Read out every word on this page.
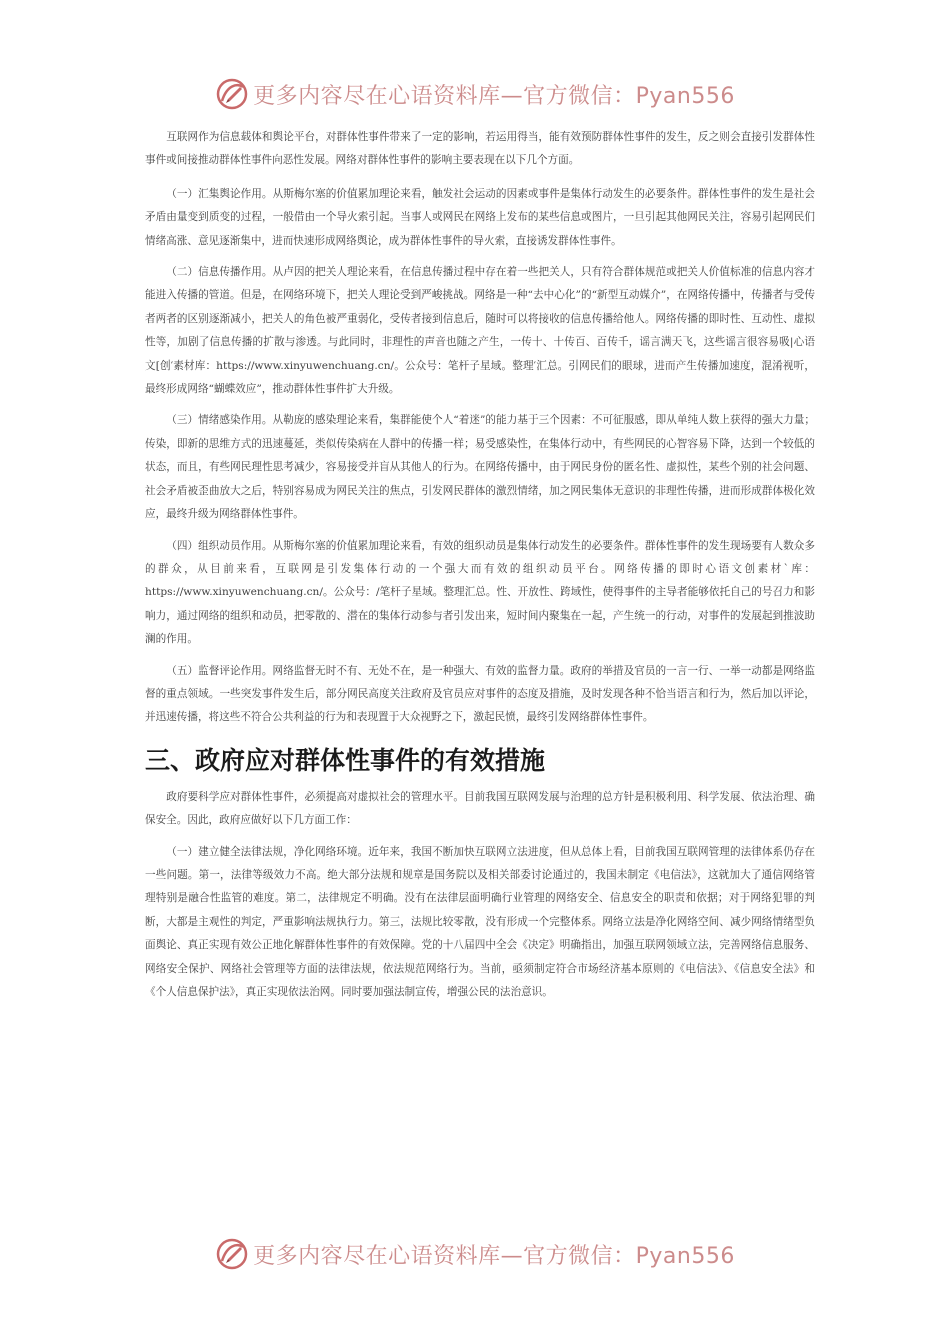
更多内容尽在心语资料库—官方微信：Pyan556

互联网作为信息载体和舆论平台，对群体性事件带来了一定的影响，若运用得当，能有效预防群体性事件的发生，反之则会直接引发群体性事件或间接推动群体性事件向恶性发展。网络对群体性事件的影响主要表现在以下几个方面。

（一）汇集舆论作用。从斯梅尔塞的价值累加理论来看，触发社会运动的因素或事件是集体行动发生的必要条件。群体性事件的发生是社会矛盾由量变到质变的过程，一般借由一个导火索引起。当事人或网民在网络上发布的某些信息或图片，一旦引起其他网民关注，容易引起网民们情绪高涨、意见逐渐集中，进而快速形成网络舆论，成为群体性事件的导火索，直接诱发群体性事件。

（二）信息传播作用。从卢因的把关人理论来看，在信息传播过程中存在着一些把关人，只有符合群体规范或把关人价值标准的信息内容才能进入传播的管道。但是，在网络环境下，把关人理论受到严峻挑战。网络是一种“去中心化”的“新型互动媒介”，在网络传播中，传播者与受传者两者的区别逐渐减小，把关人的角色被严重弱化，受传者接到信息后，随时可以将接收的信息传播给他人。网络传播的即时性、互动性、虚拟性等，加剧了信息传播的扩散与渗透。与此同时，非理性的声音也随之产生，一传十、十传百、百传千，谣言满天飞，这些谣言很容易吸|心语文[创′素材库：https://www.xinyuwenchuang.cn/。公众号：笔杆子星域。整理′汇总。引网民们的眼球，进而产生传播加速度，混淆视听，最终形成网络“蝴蝶效应”，推动群体性事件扩大升级。

（三）情绪感染作用。从勒庞的感染理论来看，集群能使个人“着迷”的能力基于三个因素：不可征服感，即从单纯人数上获得的强大力量；传染，即新的思维方式的迅速蔓延，类似传染病在人群中的传播一样；易受感染性，在集体行动中，有些网民的心智容易下降，达到一个较低的状态，而且，有些网民理性思考减少，容易接受并盲从其他人的行为。在网络传播中，由于网民身份的匿名性、虚拟性，某些个别的社会问题、社会矛盾被歪曲放大之后，特别容易成为网民关注的焦点，引发网民群体的激烈情绪，加之网民集体无意识的非理性传播，进而形成群体极化效应，最终升级为网络群体性事件。

（四）组织动员作用。从斯梅尔塞的价值累加理论来看，有效的组织动员是集体行动发生的必要条件。群体性事件的发生现场要有人数众多的群众，从目前来看，互联网是引发集体行动的一个强大而有效的组织动员平台。网络传播的即时心语文创素材`库：https://www.xinyuwenchuang.cn/。公众号：/笔杆子星域。整理汇总。性、开放性、跨域性，使得事件的主导者能够依托自己的号召力和影响力，通过网络的组织和动员，把零散的、潜在的集体行动参与者引发出来，短时间内聚集在一起，产生统一的行动，对事件的发展起到推波助澜的作用。

（五）监督评论作用。网络监督无时不有、无处不在，是一种强大、有效的监督力量。政府的举措及官员的一言一行、一举一动都是网络监督的重点领域。一些突发事件发生后，部分网民高度关注政府及官员应对事件的态度及措施，及时发现各种不恰当语言和行为，然后加以评论，并迅速传播，将这些不符合公共利益的行为和表现置于大众视野之下，激起民愤，最终引发网络群体性事件。

三、政府应对群体性事件的有效措施

政府要科学应对群体性事件，必须提高对虚拟社会的管理水平。目前我国互联网发展与治理的总方针是积极利用、科学发展、依法治理、确保安全。因此，政府应做好以下几方面工作：

（一）建立健全法律法规，净化网络环境。近年来，我国不断加快互联网立法进度，但从总体上看，目前我国互联网管理的法律体系仍存在一些问题。第一，法律等级效力不高。绝大部分法规和规章是国务院以及相关部委讨论通过的，我国未制定《电信法》，这就加大了通信网络管理特别是融合性监管的难度。第二，法律规定不明确。没有在法律层面明确行业管理的网络安全、信息安全的职责和依据；对于网络犯罪的判断，大都是主观性的判定，严重影响法规执行力。第三，法规比较零散，没有形成一个完整体系。网络立法是净化网络空间、减少网络情绪型负面舆论、真正实现有效公正地化解群体性事件的有效保障。党的十八届四中全会《决定》明确指出，加强互联网领域立法，完善网络信息服务、网络安全保护、网络社会管理等方面的法律法规，依法规范网络行为。当前，亟须制定符合市场经济基本原则的《电信法》、《信息安全法》和《个人信息保护法》，真正实现依法治网。同时要加强法制宣传，增强公民的法治意识。

更多内容尽在心语资料库—官方微信：Pyan556
